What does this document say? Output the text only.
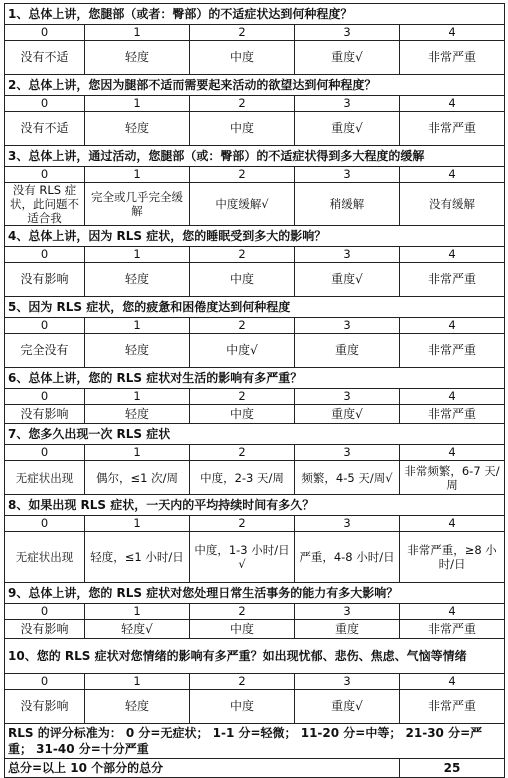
1、总体上讲，您腿部（或者：臀部）的不适症状达到何种程度？				
0	1	2	3	4
没有不适	轻度	中度	重度√	非常严重
2、总体上讲，您因为腿部不适而需要起来活动的欲望达到何种程度？				
0	1	2	3	4
没有不适	轻度	中度	重度√	非常严重
3、总体上讲，通过活动，您腿部（或：臀部）的不适症状得到多大程度的缓解				
0	1	2	3	4
没有 RLS 症状，此问题不适合我	完全或几乎完全缓解	中度缓解√	稍缓解	没有缓解
4、总体上讲，因为 RLS 症状，您的睡眠受到多大的影响？				
0	1	2	3	4
没有影响	轻度	中度	重度√	非常严重
5、因为 RLS 症状，您的疲惫和困倦度达到何种程度				
0	1	2	3	4
完全没有	轻度	中度√	重度	非常严重
6、总体上讲，您的 RLS 症状对生活的影响有多严重？				
0	1	2	3	4
没有影响	轻度	中度	重度√	非常严重
7、您多久出现一次 RLS 症状				
0	1	2	3	4
无症状出现	偶尔，≤1 次/周	中度，2-3 天/周	频繁，4-5 天/周√	非常频繁，6-7 天/周
8、如果出现 RLS 症状，一天内的平均持续时间有多久？				
0	1	2	3	4
无症状出现	轻度，≤1 小时/日	中度，1-3 小时/日√	严重，4-8 小时/日	非常严重，≥8 小时/日
9、总体上讲，您的 RLS 症状对您处理日常生活事务的能力有多大影响？				
0	1	2	3	4
没有影响	轻度√	中度	重度	非常严重
10、您的 RLS 症状对您情绪的影响有多严重？如出现忧郁、悲伤、焦虑、气恼等情绪				
0	1	2	3	4
没有影响	轻度	中度	重度√	非常严重
RLS 的评分标准为： 0 分=无症状； 1-1 分=轻微； 11-20 分=中等； 21-30 分=严重； 31-40 分=十分严重				
总分=以上 10 个部分的总分				25
